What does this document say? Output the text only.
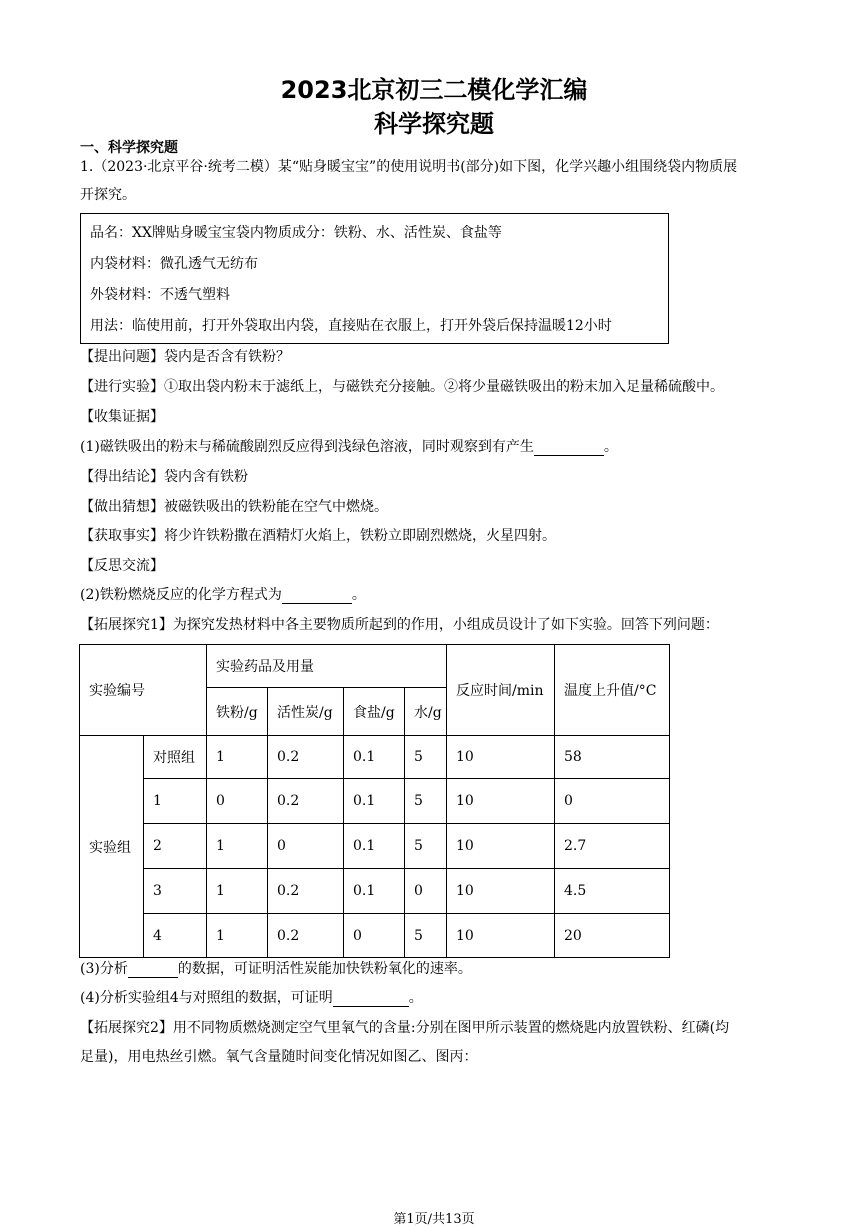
2023北京初三二模化学汇编
科学探究题
一、科学探究题
1.（2023·北京平谷·统考二模）某“贴身暖宝宝”的使用说明书(部分)如下图，化学兴趣小组围绕袋内物质展
开探究。
品名：XX牌贴身暖宝宝袋内物质成分：铁粉、水、活性炭、食盐等
内袋材料：微孔透气无纺布
外袋材料：不透气塑料
用法：临使用前，打开外袋取出内袋，直接贴在衣服上，打开外袋后保持温暖12小时
【提出问题】袋内是否含有铁粉？
【进行实验】①取出袋内粉末于滤纸上，与磁铁充分接触。②将少量磁铁吸出的粉末加入足量稀硫酸中。
【收集证据】
(1)磁铁吸出的粉末与稀硫酸剧烈反应得到浅绿色溶液，同时观察到有产生	。
【得出结论】袋内含有铁粉
【做出猜想】被磁铁吸出的铁粉能在空气中燃烧。
【获取事实】将少许铁粉撒在酒精灯火焰上，铁粉立即剧烈燃烧，火星四射。
【反思交流】
(2)铁粉燃烧反应的化学方程式为	。
【拓展探究1】为探究发热材料中各主要物质所起到的作用，小组成员设计了如下实验。回答下列问题：
实验编号		实验药品及用量				反应时间/min	温度上升值/°C
		铁粉/g	活性炭/g	食盐/g	水/g		
实验组	对照组	1	0.2	0.1	5	10	58
	1	0	0.2	0.1	5	10	0
	2	1	0	0.1	5	10	2.7
	3	1	0.2	0.1	0	10	4.5
	4	1	0.2	0	5	10	20
(3)分析	的数据，可证明活性炭能加快铁粉氧化的速率。
(4)分析实验组4与对照组的数据，可证明	。
【拓展探究2】用不同物质燃烧测定空气里氧气的含量:分别在图甲所示装置的燃烧匙内放置铁粉、红磷(均
足量)，用电热丝引燃。氧气含量随时间变化情况如图乙、图丙：
第1页/共13页
